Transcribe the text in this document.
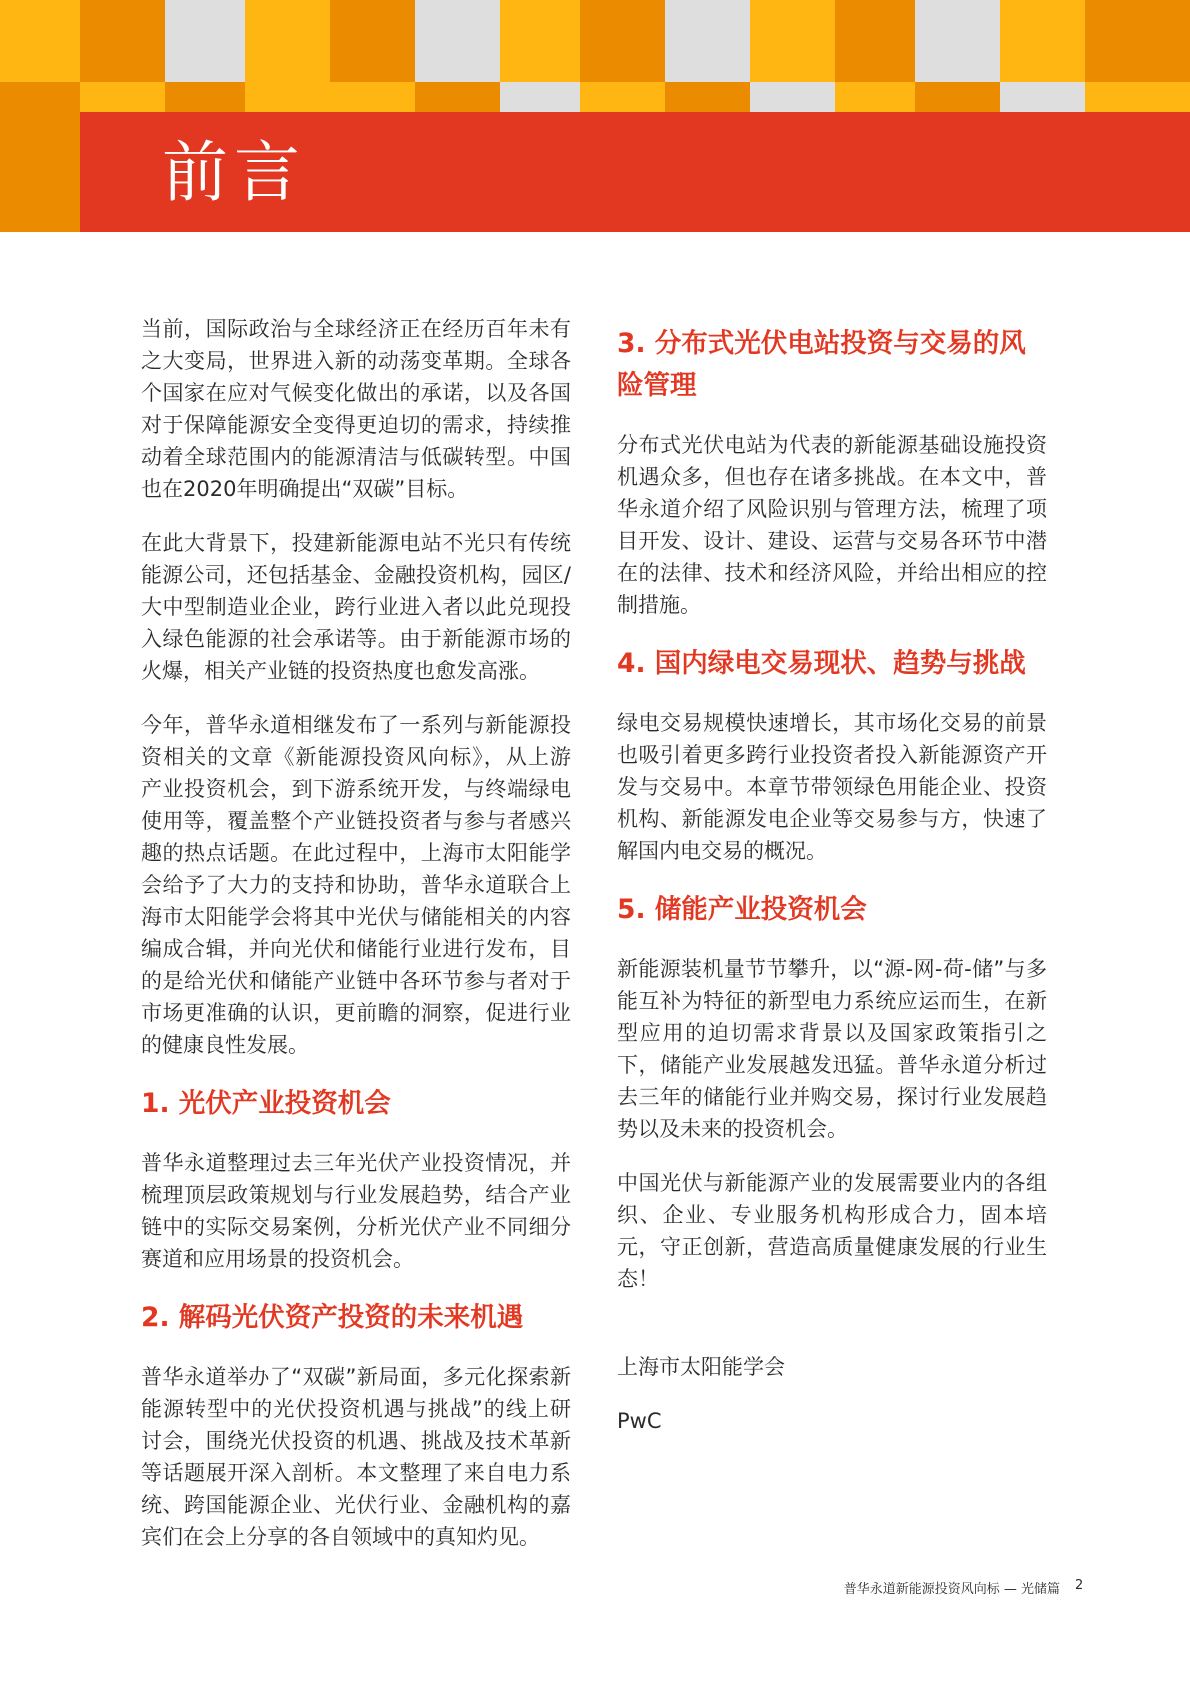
前言

当前，国际政治与全球经济正在经历百年未有之大变局，世界进入新的动荡变革期。全球各个国家在应对气候变化做出的承诺，以及各国对于保障能源安全变得更迫切的需求，持续推动着全球范围内的能源清洁与低碳转型。中国也在2020年明确提出“双碳”目标。

在此大背景下，投建新能源电站不光只有传统能源公司，还包括基金、金融投资机构，园区/大中型制造业企业，跨行业进入者以此兑现投入绿色能源的社会承诺等。由于新能源市场的火爆，相关产业链的投资热度也愈发高涨。

今年，普华永道相继发布了一系列与新能源投资相关的文章《新能源投资风向标》，从上游产业投资机会，到下游系统开发，与终端绿电使用等，覆盖整个产业链投资者与参与者感兴趣的热点话题。在此过程中，上海市太阳能学会给予了大力的支持和协助，普华永道联合上海市太阳能学会将其中光伏与储能相关的内容编成合辑，并向光伏和储能行业进行发布，目的是给光伏和储能产业链中各环节参与者对于市场更准确的认识，更前瞻的洞察，促进行业的健康良性发展。

1. 光伏产业投资机会

普华永道整理过去三年光伏产业投资情况，并梳理顶层政策规划与行业发展趋势，结合产业链中的实际交易案例，分析光伏产业不同细分赛道和应用场景的投资机会。

2. 解码光伏资产投资的未来机遇

普华永道举办了“双碳”新局面，多元化探索新能源转型中的光伏投资机遇与挑战”的线上研讨会，围绕光伏投资的机遇、挑战及技术革新等话题展开深入剖析。本文整理了来自电力系统、跨国能源企业、光伏行业、金融机构的嘉宾们在会上分享的各自领域中的真知灼见。

3. 分布式光伏电站投资与交易的风险管理

分布式光伏电站为代表的新能源基础设施投资机遇众多，但也存在诸多挑战。在本文中，普华永道介绍了风险识别与管理方法，梳理了项目开发、设计、建设、运营与交易各环节中潜在的法律、技术和经济风险，并给出相应的控制措施。

4. 国内绿电交易现状、趋势与挑战

绿电交易规模快速增长，其市场化交易的前景也吸引着更多跨行业投资者投入新能源资产开发与交易中。本章节带领绿色用能企业、投资机构、新能源发电企业等交易参与方，快速了解国内电交易的概况。

5. 储能产业投资机会

新能源装机量节节攀升，以“源-网-荷-储”与多能互补为特征的新型电力系统应运而生，在新型应用的迫切需求背景以及国家政策指引之下，储能产业发展越发迅猛。普华永道分析过去三年的储能行业并购交易，探讨行业发展趋势以及未来的投资机会。

中国光伏与新能源产业的发展需要业内的各组织、企业、专业服务机构形成合力，固本培元，守正创新，营造高质量健康发展的行业生态！

上海市太阳能学会
PwC
普华永道新能源投资风向标 — 光储篇 2
